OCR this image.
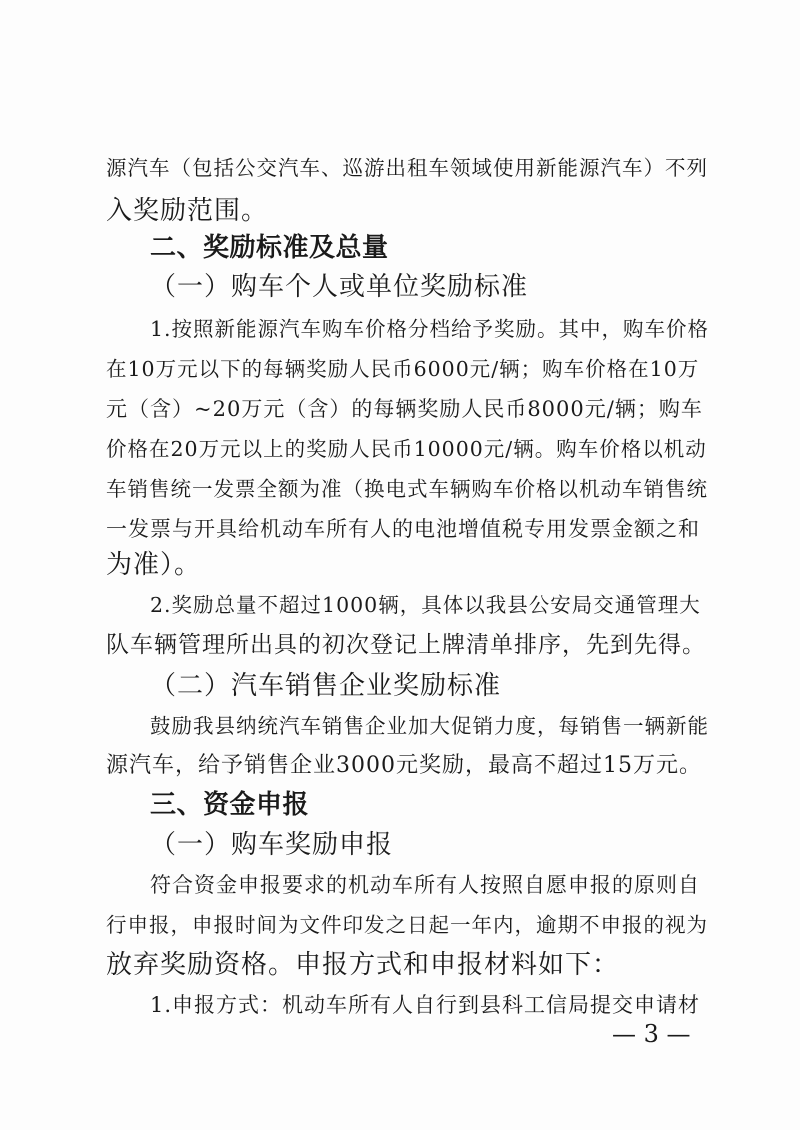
源汽车（包括公交汽车、巡游出租车领域使用新能源汽车）不列
入奖励范围。
二、奖励标准及总量
（一）购车个人或单位奖励标准
1.按照新能源汽车购车价格分档给予奖励。其中，购车价格
在10万元以下的每辆奖励人民币6000元/辆；购车价格在10万
元（含）~20万元（含）的每辆奖励人民币8000元/辆；购车
价格在20万元以上的奖励人民币10000元/辆。购车价格以机动
车销售统一发票全额为准（换电式车辆购车价格以机动车销售统
一发票与开具给机动车所有人的电池增值税专用发票金额之和
为准）。
2.奖励总量不超过1000辆，具体以我县公安局交通管理大
队车辆管理所出具的初次登记上牌清单排序，先到先得。
（二）汽车销售企业奖励标准
鼓励我县纳统汽车销售企业加大促销力度，每销售一辆新能
源汽车，给予销售企业3000元奖励，最高不超过15万元。
三、资金申报
（一）购车奖励申报
符合资金申报要求的机动车所有人按照自愿申报的原则自
行申报，申报时间为文件印发之日起一年内，逾期不申报的视为
放弃奖励资格。申报方式和申报材料如下：
1.申报方式：机动车所有人自行到县科工信局提交申请材
— 3 —
